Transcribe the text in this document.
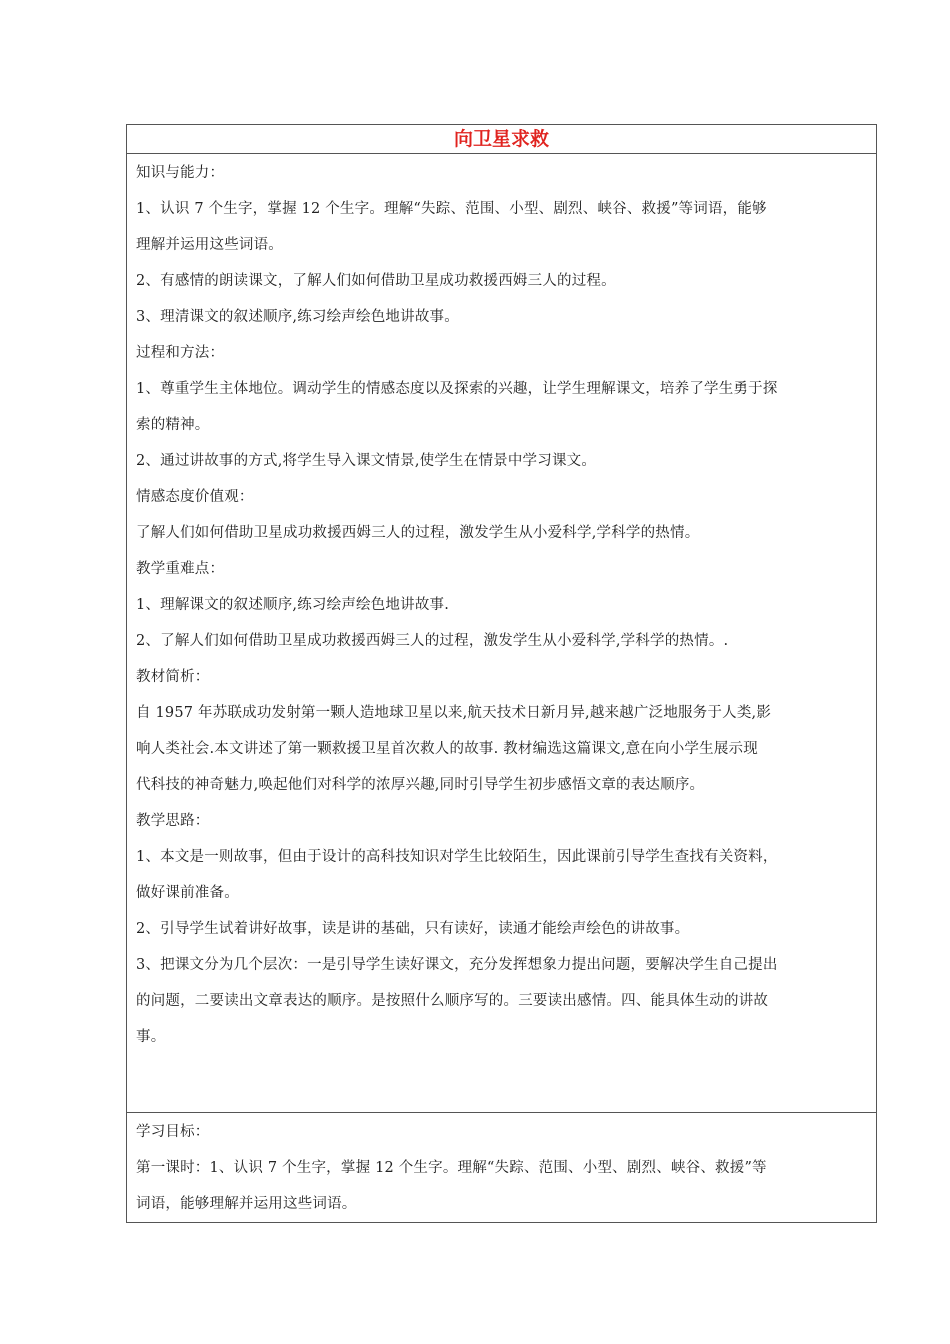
向卫星求救
知识与能力：
1、认识 7 个生字，掌握 12 个生字。理解“失踪、范围、小型、剧烈、峡谷、救援”等词语，能够
理解并运用这些词语。
2、有感情的朗读课文，了解人们如何借助卫星成功救援西姆三人的过程。
3、理清课文的叙述顺序,练习绘声绘色地讲故事。
过程和方法：
1、尊重学生主体地位。调动学生的情感态度以及探索的兴趣，让学生理解课文，培养了学生勇于探
索的精神。
2、通过讲故事的方式,将学生导入课文情景,使学生在情景中学习课文。
情感态度价值观：
了解人们如何借助卫星成功救援西姆三人的过程，激发学生从小爱科学,学科学的热情。
教学重难点：
1、理解课文的叙述顺序,练习绘声绘色地讲故事.
2、了解人们如何借助卫星成功救援西姆三人的过程，激发学生从小爱科学,学科学的热情。.
教材简析：
自 1957 年苏联成功发射第一颗人造地球卫星以来,航天技术日新月异,越来越广泛地服务于人类,影
响人类社会.本文讲述了第一颗救援卫星首次救人的故事. 教材编选这篇课文,意在向小学生展示现
代科技的神奇魅力,唤起他们对科学的浓厚兴趣,同时引导学生初步感悟文章的表达顺序。
教学思路：
1、本文是一则故事，但由于设计的高科技知识对学生比较陌生，因此课前引导学生查找有关资料，
做好课前准备。
2、引导学生试着讲好故事，读是讲的基础，只有读好，读通才能绘声绘色的讲故事。
3、把课文分为几个层次：一是引导学生读好课文，充分发挥想象力提出问题，要解决学生自己提出
的问题，二要读出文章表达的顺序。是按照什么顺序写的。三要读出感情。四、能具体生动的讲故
事。
学习目标：
第一课时：1、认识 7 个生字，掌握 12 个生字。理解“失踪、范围、小型、剧烈、峡谷、救援”等
词语，能够理解并运用这些词语。
